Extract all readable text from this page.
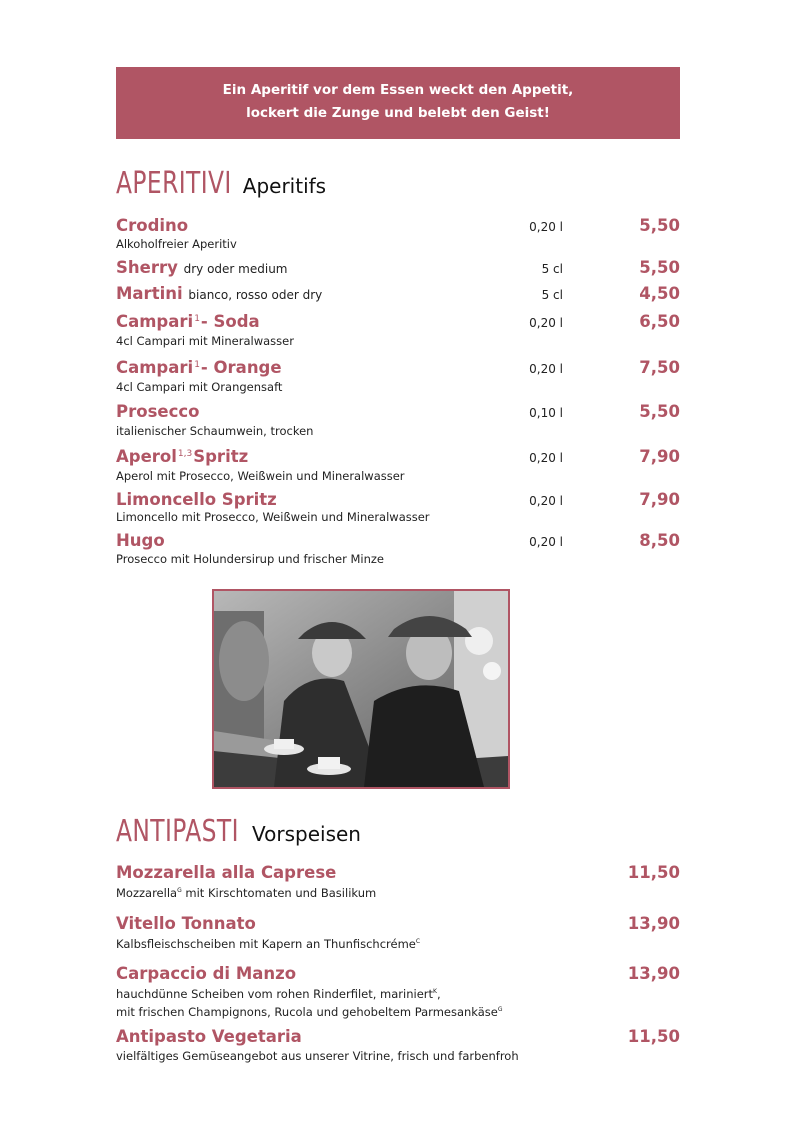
Ein Aperitif vor dem Essen weckt den Appetit,
lockert die Zunge und belebt den Geist!
APERITIVI Aperitifs
Crodino
Alkoholfreier Aperitiv
0,20 l	5,50
Sherry dry oder medium	5 cl	5,50
Martini bianco, rosso oder dry	5 cl	4,50
Campari$^1$- Soda
4cl Campari mit Mineralwasser
0,20 l	6,50
Campari$^1$- Orange
4cl Campari mit Orangensaft
0,20 l	7,50
Prosecco
italienischer Schaumwein, trocken
0,10 l	5,50
Aperol$^{1,3}$Spritz
Aperol mit Prosecco, Weißwein und Mineralwasser
0,20 l	7,90
Limoncello Spritz
Limoncello mit Prosecco, Weißwein und Mineralwasser
0,20 l	7,90
Hugo
Prosecco mit Holundersirup und frischer Minze
0,20 l	8,50
ANTIPASTI Vorspeisen
Mozzarella alla Caprese
Mozzarella$^G$ mit Kirschtomaten und Basilikum
11,50
Vitello Tonnato
Kalbsfleischscheiben mit Kapern an Thunfischcréme$^C$
13,90
Carpaccio di Manzo
hauchdünne Scheiben vom rohen Rinderfilet, mariniert$^K$,
mit frischen Champignons, Rucola und gehobeltem Parmesankäse$^G$
13,90
Antipasto Vegetaria
vielfältiges Gemüseangebot aus unserer Vitrine, frisch und farbenfroh
11,50
